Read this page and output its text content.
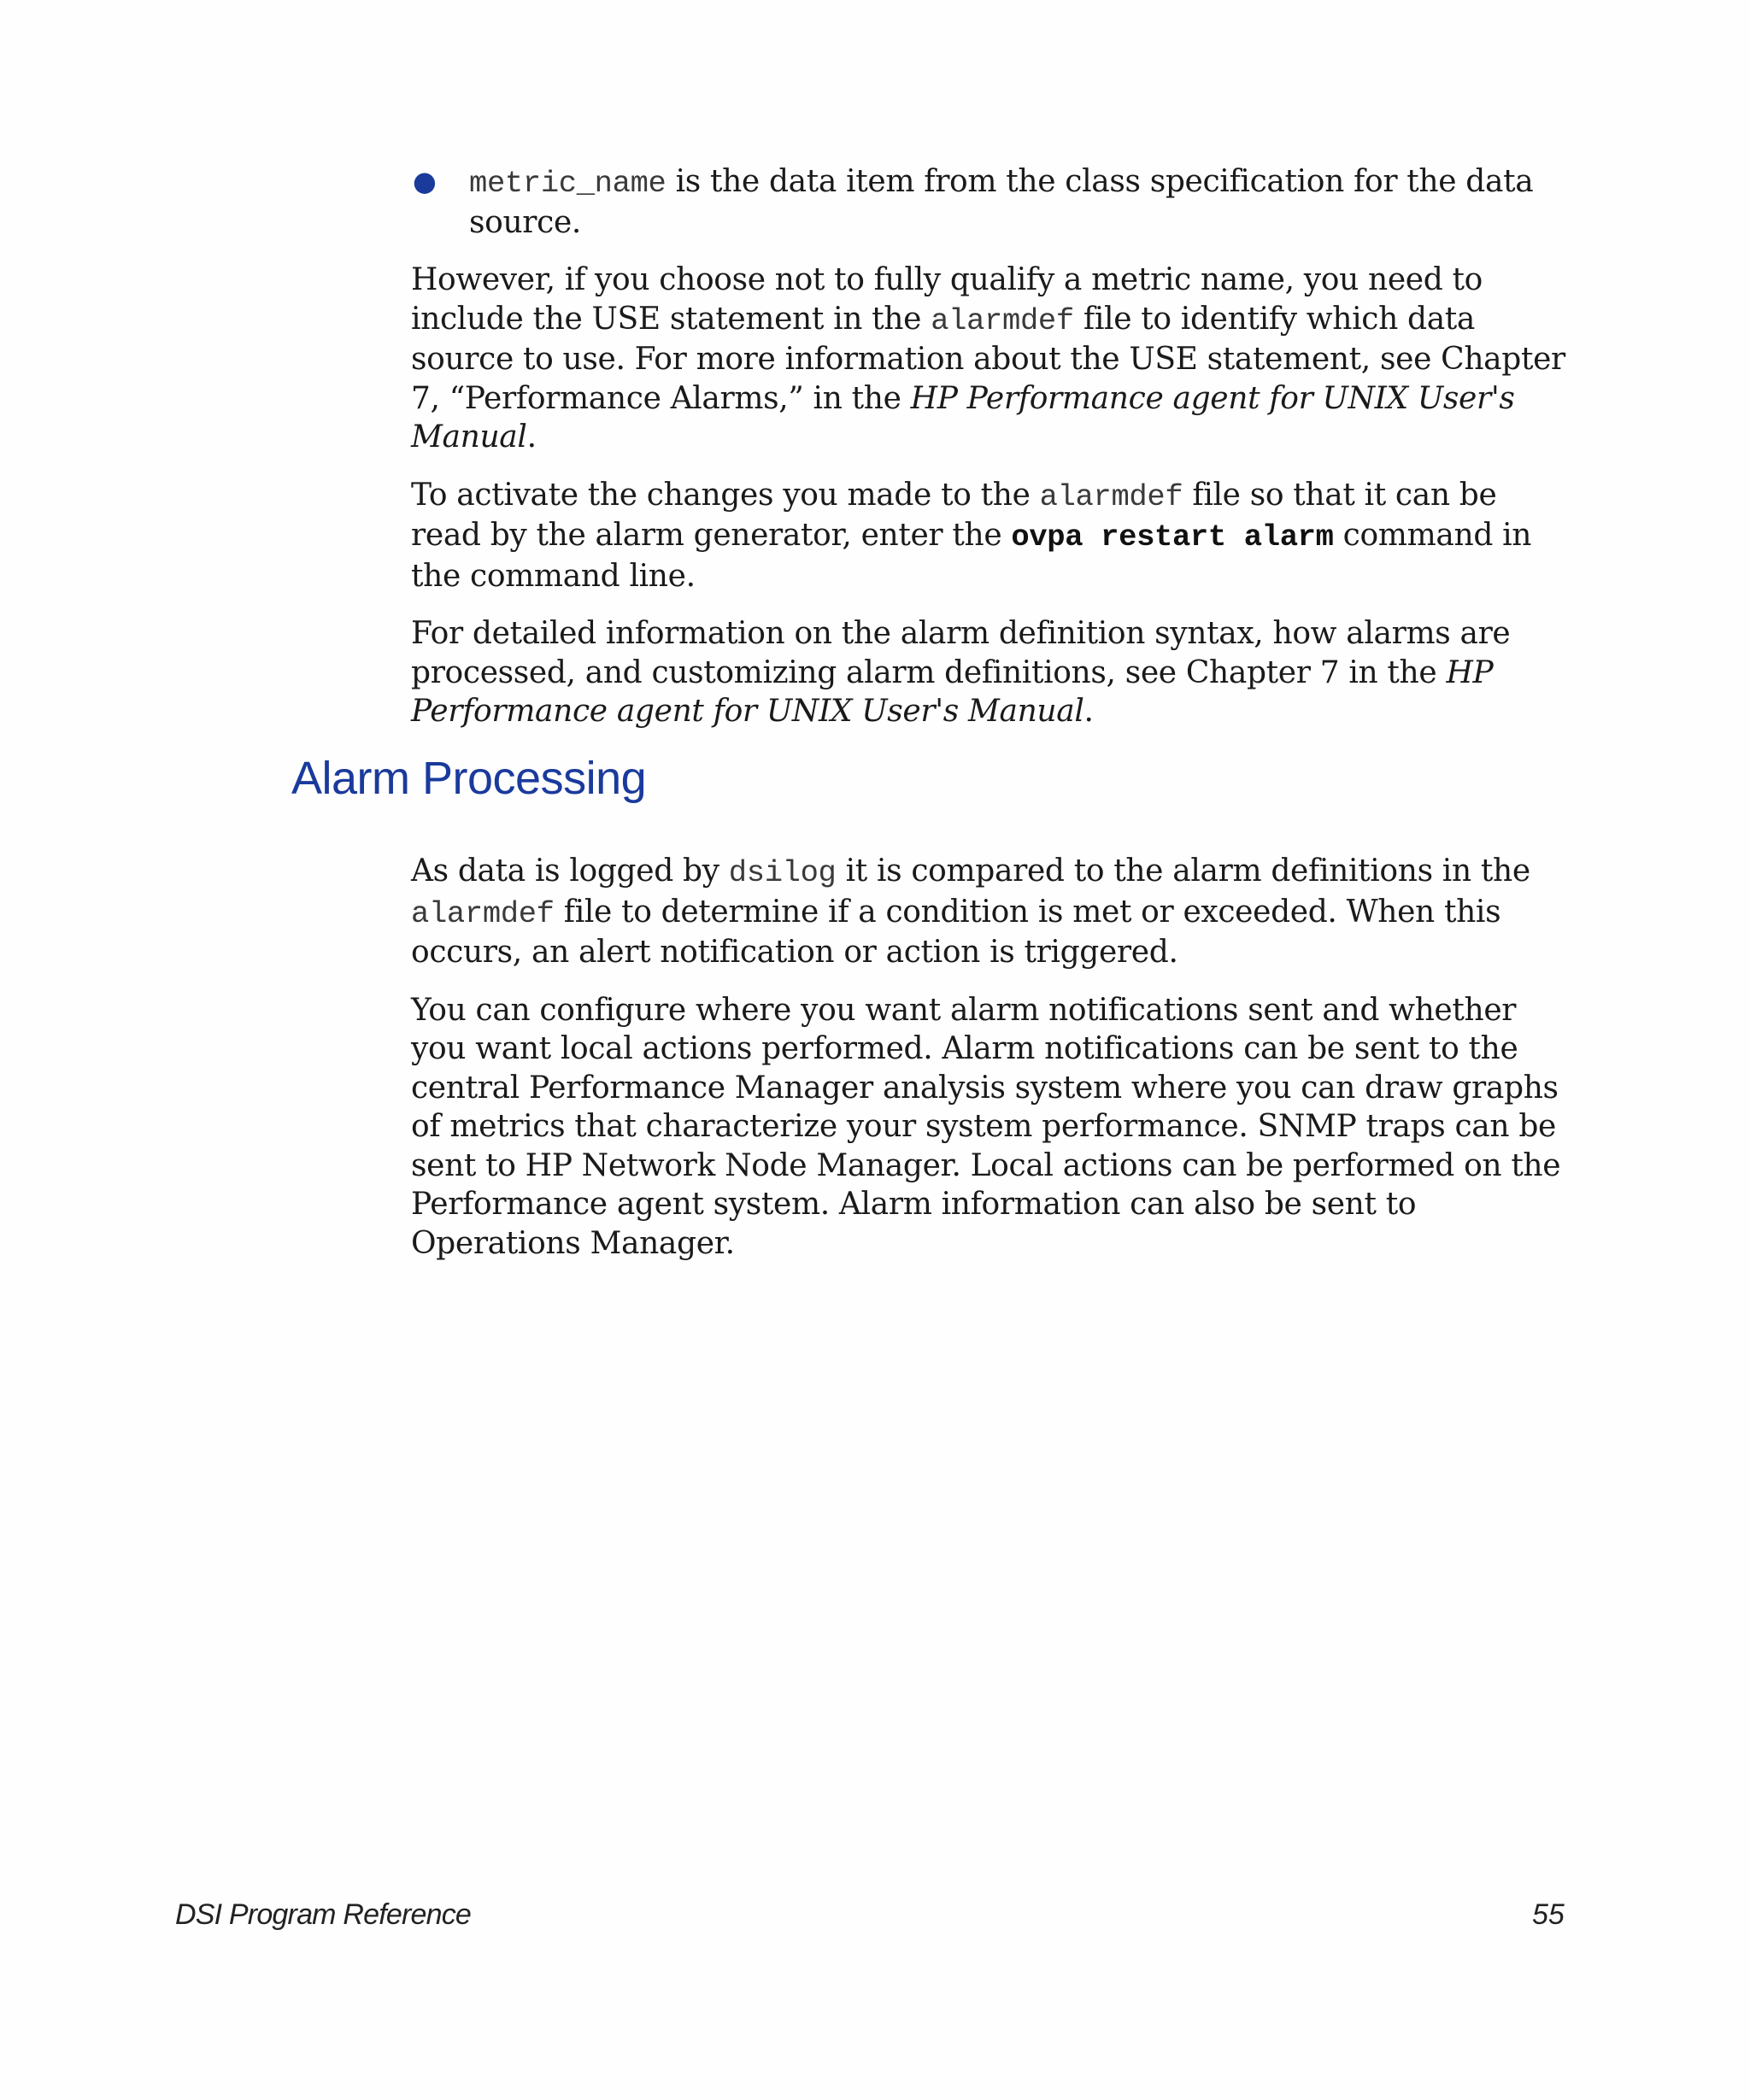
● metric_name is the data item from the class specification for the data source.

However, if you choose not to fully qualify a metric name, you need to include the USE statement in the alarmdef file to identify which data source to use. For more information about the USE statement, see Chapter 7, “Performance Alarms,” in the HP Performance agent for UNIX User's Manual.

To activate the changes you made to the alarmdef file so that it can be read by the alarm generator, enter the ovpa restart alarm command in the command line.

For detailed information on the alarm definition syntax, how alarms are processed, and customizing alarm definitions, see Chapter 7 in the HP Performance agent for UNIX User's Manual.

Alarm Processing

As data is logged by dsilog it is compared to the alarm definitions in the alarmdef file to determine if a condition is met or exceeded. When this occurs, an alert notification or action is triggered.

You can configure where you want alarm notifications sent and whether you want local actions performed. Alarm notifications can be sent to the central Performance Manager analysis system where you can draw graphs of metrics that characterize your system performance. SNMP traps can be sent to HP Network Node Manager. Local actions can be performed on the Performance agent system. Alarm information can also be sent to Operations Manager.

DSI Program Reference	55
